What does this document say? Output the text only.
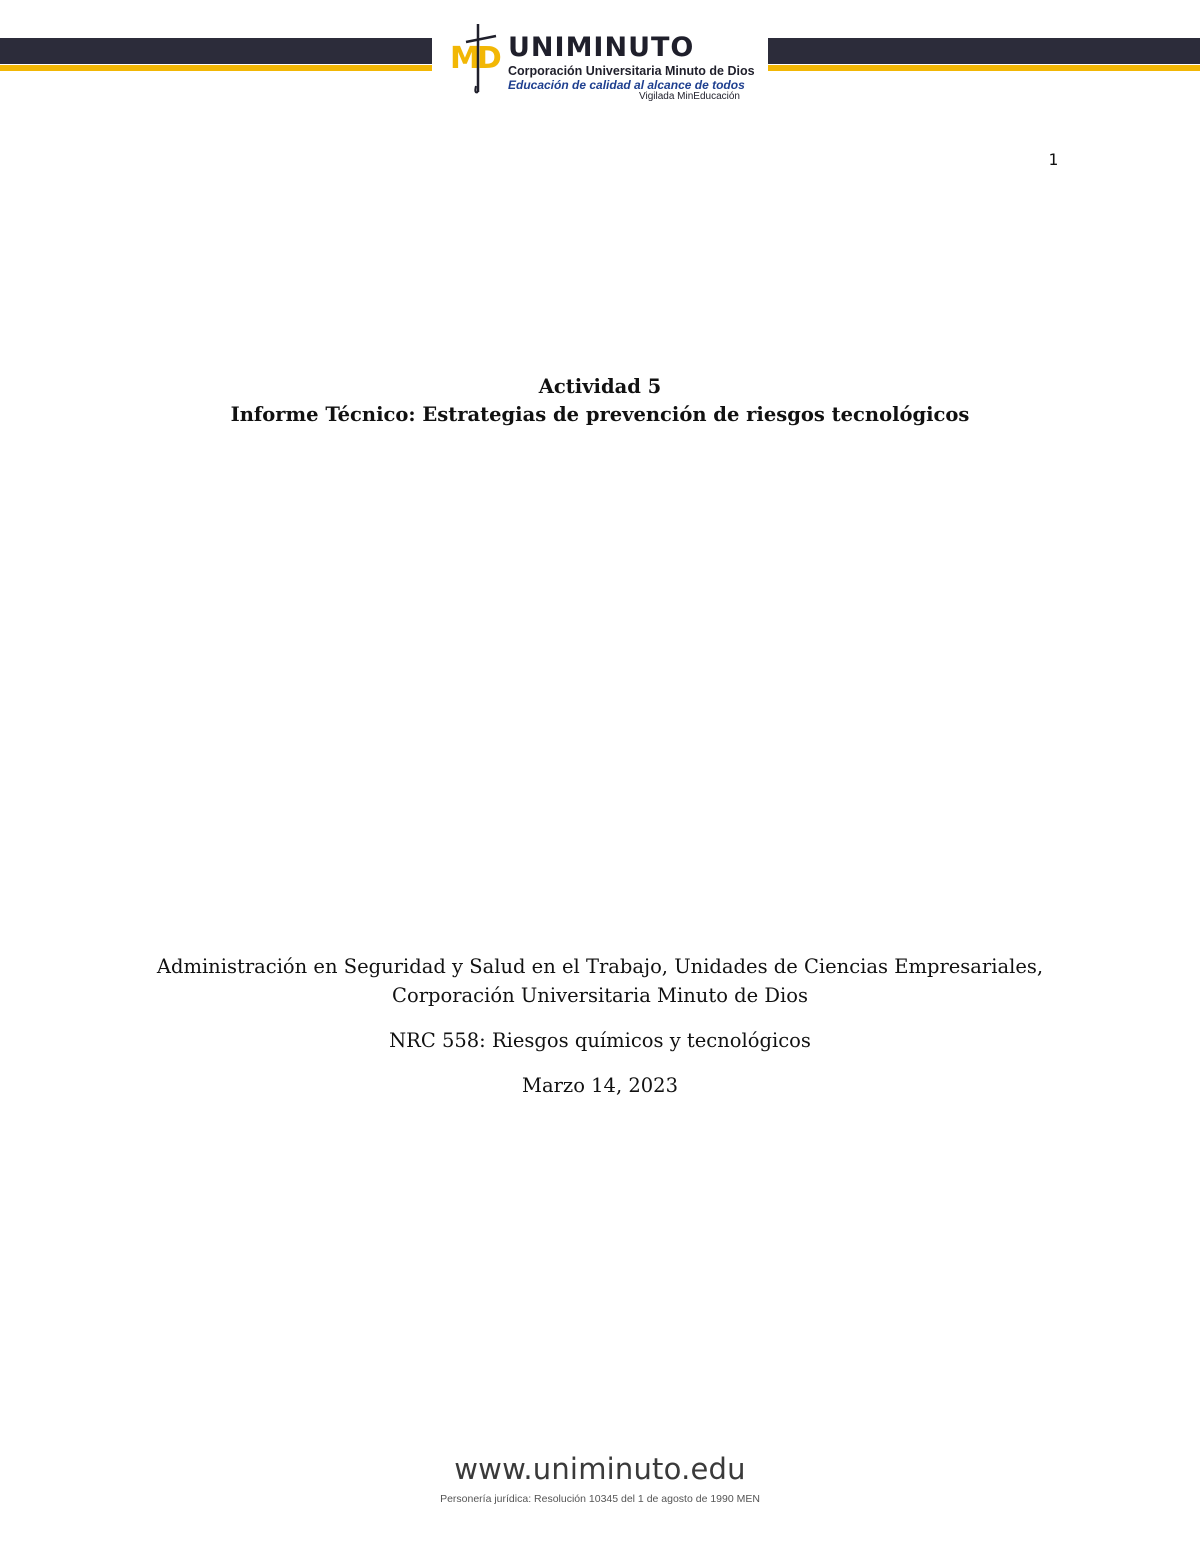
MD UNIMINUTO
Corporación Universitaria Minuto de Dios
Educación de calidad al alcance de todos
Vigilada MinEducación
1
Actividad 5
Informe Técnico: Estrategias de prevención de riesgos tecnológicos

Administración en Seguridad y Salud en el Trabajo, Unidades de Ciencias Empresariales,

Corporación Universitaria Minuto de Dios

NRC 558: Riesgos químicos y tecnológicos

Marzo 14, 2023

www.uniminuto.edu
Personería jurídica: Resolución 10345 del 1 de agosto de 1990 MEN
